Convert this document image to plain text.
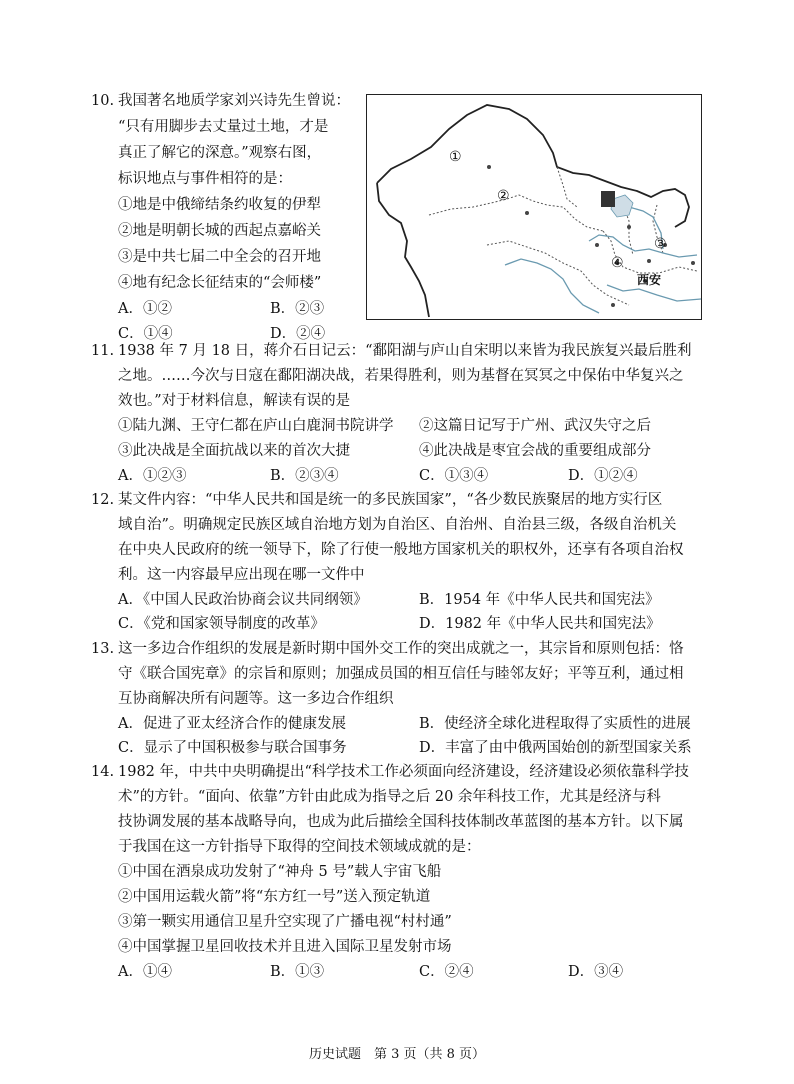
10. 我国著名地质学家刘兴诗先生曾说：
“只有用脚步去丈量过土地，才是
真正了解它的深意。”观察右图，
标识地点与事件相符的是：
①地是中俄缔结条约收复的伊犁
②地是明朝长城的西起点嘉峪关
③是中共七届二中全会的召开地
④地有纪念长征结束的“会师楼”
A．①②	B．②③
C．①④	D．②④
①
②
③
④
西安
11. 1938 年 7 月 18 日，蒋介石日记云：“鄱阳湖与庐山自宋明以来皆为我民族复兴最后胜利
之地。……今次与日寇在鄱阳湖决战，若果得胜利，则为基督在冥冥之中保佑中华复兴之
效也。”对于材料信息，解读有误的是
①陆九渊、王守仁都在庐山白鹿洞书院讲学 ②这篇日记写于广州、武汉失守之后
③此决战是全面抗战以来的首次大捷	④此决战是枣宜会战的重要组成部分
A．①②③	B．②③④	C．①③④	D．①②④
12. 某文件内容：“中华人民共和国是统一的多民族国家”，“各少数民族聚居的地方实行区
域自治”。明确规定民族区域自治地方划为自治区、自治州、自治县三级，各级自治机关
在中央人民政府的统一领导下，除了行使一般地方国家机关的职权外，还享有各项自治权
利。这一内容最早应出现在哪一文件中
A．《中国人民政治协商会议共同纲领》	B．1954 年《中华人民共和国宪法》
C．《党和国家领导制度的改革》	D．1982 年《中华人民共和国宪法》
13. 这一多边合作组织的发展是新时期中国外交工作的突出成就之一，其宗旨和原则包括：恪
守《联合国宪章》的宗旨和原则；加强成员国的相互信任与睦邻友好；平等互利，通过相
互协商解决所有问题等。这一多边合作组织
A．促进了亚太经济合作的健康发展	B．使经济全球化进程取得了实质性的进展
C．显示了中国积极参与联合国事务	D．丰富了由中俄两国始创的新型国家关系
14. 1982 年，中共中央明确提出“科学技术工作必须面向经济建设，经济建设必须依靠科学技
术”的方针。“面向、依靠”方针由此成为指导之后 20 余年科技工作，尤其是经济与科
技协调发展的基本战略导向，也成为此后描绘全国科技体制改革蓝图的基本方针。以下属
于我国在这一方针指导下取得的空间技术领域成就的是：
①中国在酒泉成功发射了“神舟 5 号”载人宇宙飞船
②中国用运载火箭”将“东方红一号”送入预定轨道
③第一颗实用通信卫星升空实现了广播电视“村村通”
④中国掌握卫星回收技术并且进入国际卫星发射市场
A．①④	B．①③	C．②④	D．③④
历史试题　第 3 页（共 8 页）
